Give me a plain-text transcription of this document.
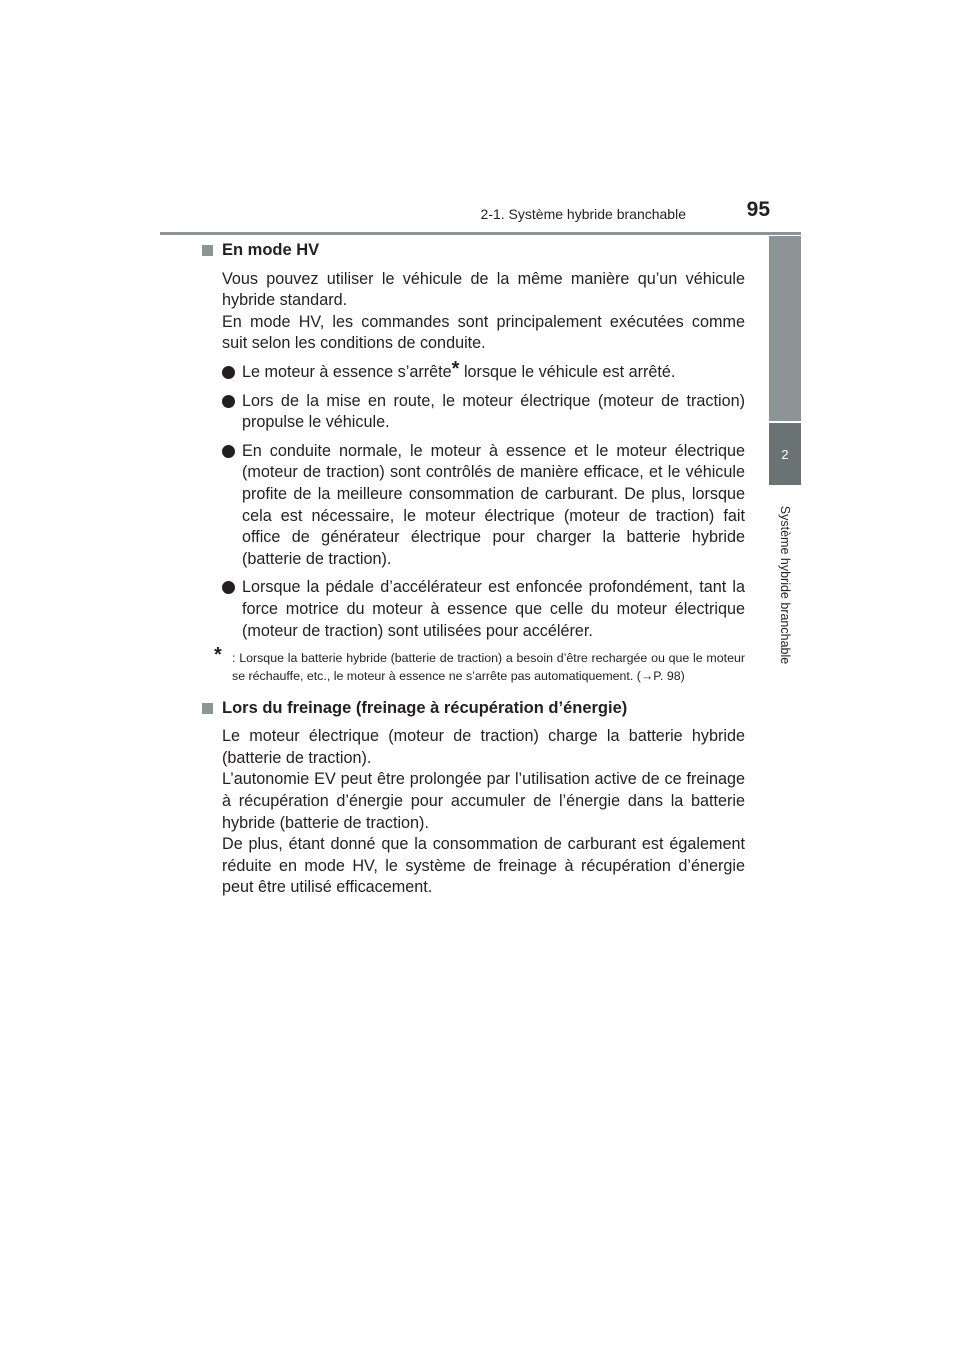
2-1. Système hybride branchable	95
2
Système hybride branchable
En mode HV

Vous pouvez utiliser le véhicule de la même manière qu’un véhicule hybride standard.

En mode HV, les commandes sont principalement exécutées comme suit selon les conditions de conduite.

Le moteur à essence s’arrête* lorsque le véhicule est arrêté.
Lors de la mise en route, le moteur électrique (moteur de traction) propulse le véhicule.
En conduite normale, le moteur à essence et le moteur électrique (moteur de traction) sont contrôlés de manière efficace, et le véhicule profite de la meilleure consommation de carburant. De plus, lorsque cela est nécessaire, le moteur électrique (moteur de traction) fait office de générateur électrique pour charger la batterie hybride (batterie de traction).
Lorsque la pédale d’accélérateur est enfoncée profondément, tant la force motrice du moteur à essence que celle du moteur électrique (moteur de traction) sont utilisées pour accélérer.
* : Lorsque la batterie hybride (batterie de traction) a besoin d’être rechargée ou que le moteur se réchauffe, etc., le moteur à essence ne s’arrête pas automatiquement. (→P. 98)
Lors du freinage (freinage à récupération d’énergie)

Le moteur électrique (moteur de traction) charge la batterie hybride (batterie de traction).

L’autonomie EV peut être prolongée par l’utilisation active de ce freinage à récupération d’énergie pour accumuler de l’énergie dans la batterie hybride (batterie de traction).

De plus, étant donné que la consommation de carburant est également réduite en mode HV, le système de freinage à récupération d’énergie peut être utilisé efficacement.
